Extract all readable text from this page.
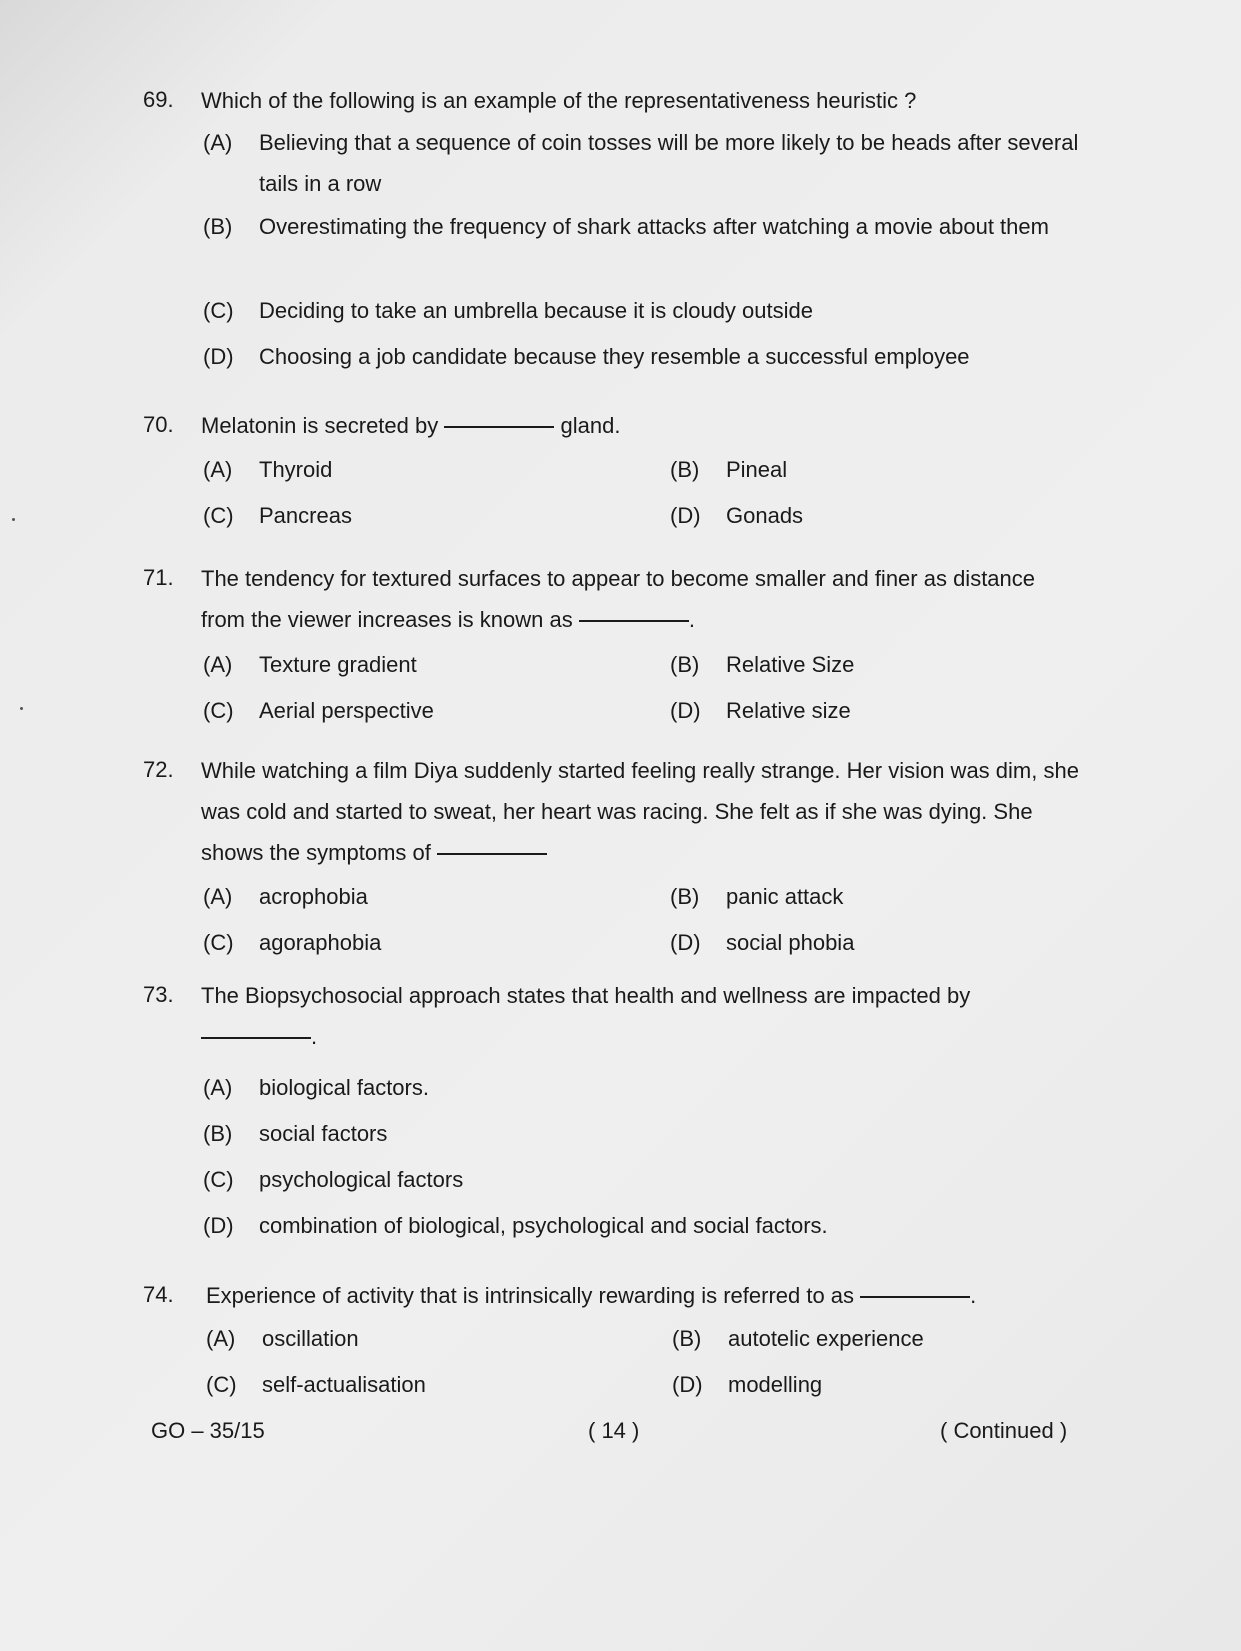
69. Which of the following is an example of the representativeness heuristic ?
(A) Believing that a sequence of coin tosses will be more likely to be heads after several tails in a row
(B) Overestimating the frequency of shark attacks after watching a movie about them
(C) Deciding to take an umbrella because it is cloudy outside
(D) Choosing a job candidate because they resemble a successful employee
70. Melatonin is secreted by	gland.
(A) Thyroid	(B) Pineal
(C) Pancreas	(D) Gonads
71. The tendency for textured surfaces to appear to become smaller and finer as distance from the viewer increases is known as	.
(A) Texture gradient	(B) Relative Size
(C) Aerial perspective	(D) Relative size
72. While watching a film Diya suddenly started feeling really strange. Her vision was dim, she was cold and started to sweat, her heart was racing. She felt as if she was dying. She shows the symptoms of
(A) acrophobia	(B) panic attack
(C) agoraphobia	(D) social phobia
73. The Biopsychosocial approach states that health and wellness are impacted by
.
(A) biological factors.
(B) social factors
(C) psychological factors
(D) combination of biological, psychological and social factors.
74. Experience of activity that is intrinsically rewarding is referred to as	.
(A) oscillation	(B) autotelic experience
(C) self-actualisation	(D) modelling
GO – 35/15	( 14 )	( Continued )
